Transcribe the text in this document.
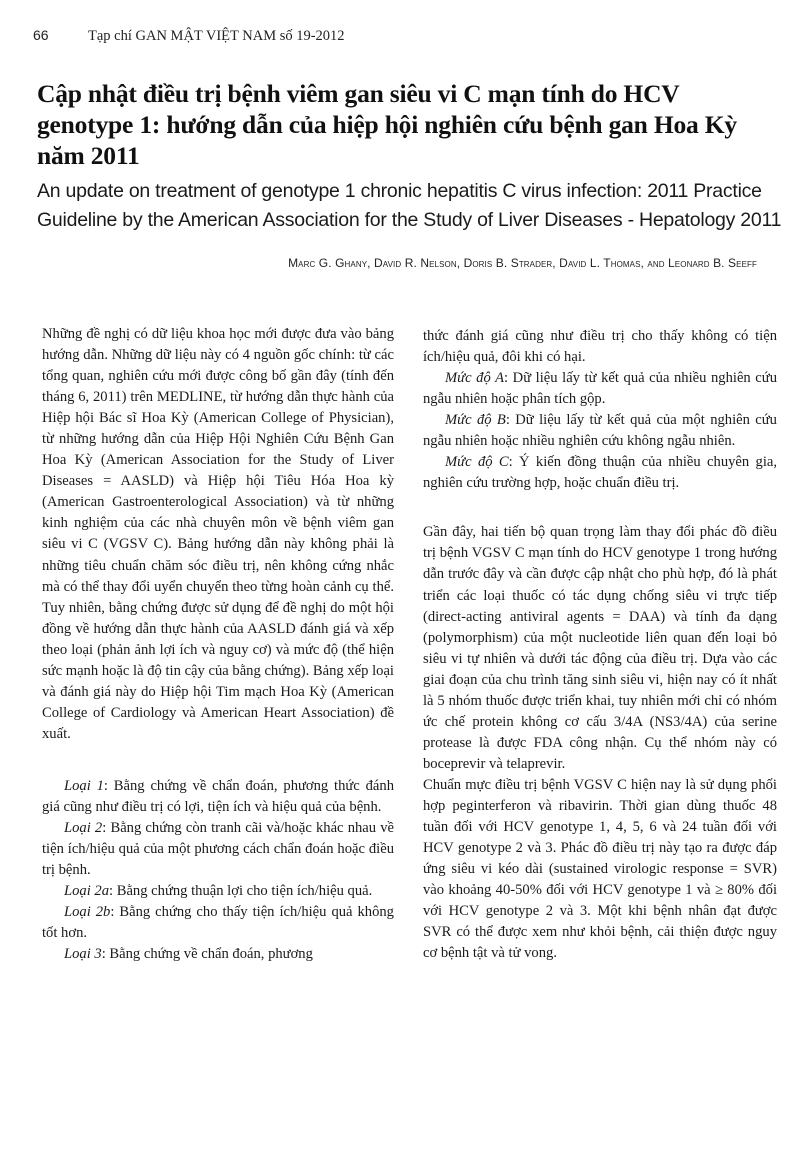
66	Tạp chí GAN MẬT VIỆT NAM số 19-2012
Cập nhật điều trị bệnh viêm gan siêu vi C mạn tính do HCV genotype 1: hướng dẫn của hiệp hội nghiên cứu bệnh gan Hoa Kỳ năm 2011
An update on treatment of genotype 1 chronic hepatitis C virus infection: 2011 Practice Guideline by the American Association for the Study of Liver Diseases - Hepatology 2011
Marc G. Ghany, David R. Nelson, Doris B. Strader, David L. Thomas, and Leonard B. Seeff

Những đề nghị có dữ liệu khoa học mới được đưa vào bảng hướng dẫn. Những dữ liệu này có 4 nguồn gốc chính: từ các tổng quan, nghiên cứu mới được công bố gần đây (tính đến tháng 6, 2011) trên MEDLINE, từ hướng dẫn thực hành của Hiệp hội Bác sĩ Hoa Kỳ (American College of Physician), từ những hướng dẫn của Hiệp Hội Nghiên Cứu Bệnh Gan Hoa Kỳ (American Association for the Study of Liver Diseases = AASLD) và Hiệp hội Tiêu Hóa Hoa kỳ (American Gastroenterological Association) và từ những kinh nghiệm của các nhà chuyên môn về bệnh viêm gan siêu vi C (VGSV C). Bảng hướng dẫn này không phải là những tiêu chuẩn chăm sóc điều trị, nên không cứng nhắc mà có thể thay đổi uyển chuyển theo từng hoàn cảnh cụ thể. Tuy nhiên, bằng chứng được sử dụng để đề nghị do một hội đồng về hướng dẫn thực hành của AASLD đánh giá và xếp theo loại (phản ảnh lợi ích và nguy cơ) và mức độ (thể hiện sức mạnh hoặc là độ tin cậy của bằng chứng). Bảng xếp loại và đánh giá này do Hiệp hội Tim mạch Hoa Kỳ (American College of Cardiology và American Heart Association) đề xuất.

Loại 1: Bằng chứng về chẩn đoán, phương thức đánh giá cũng như điều trị có lợi, tiện ích và hiệu quả của bệnh.

Loại 2: Bằng chứng còn tranh cãi và/hoặc khác nhau về tiện ích/hiệu quả của một phương cách chẩn đoán hoặc điều trị bệnh.

Loại 2a: Bằng chứng thuận lợi cho tiện ích/hiệu quả.

Loại 2b: Bằng chứng cho thấy tiện ích/hiệu quả không tốt hơn.

Loại 3: Bằng chứng về chẩn đoán, phương

thức đánh giá cũng như điều trị cho thấy không có tiện ích/hiệu quả, đôi khi có hại.

Mức độ A: Dữ liệu lấy từ kết quả của nhiều nghiên cứu ngẫu nhiên hoặc phân tích gộp.

Mức độ B: Dữ liệu lấy từ kết quả của một nghiên cứu ngẫu nhiên hoặc nhiều nghiên cứu không ngẫu nhiên.

Mức độ C: Ý kiến đồng thuận của nhiều chuyên gia, nghiên cứu trường hợp, hoặc chuẩn điều trị.

Gần đây, hai tiến bộ quan trọng làm thay đổi phác đồ điều trị bệnh VGSV C mạn tính do HCV genotype 1 trong hướng dẫn trước đây và cần được cập nhật cho phù hợp, đó là phát triển các loại thuốc có tác dụng chống siêu vi trực tiếp (direct-acting antiviral agents = DAA) và tính đa dạng (polymorphism) của một nucleotide liên quan đến loại bỏ siêu vi tự nhiên và dưới tác động của điều trị. Dựa vào các giai đoạn của chu trình tăng sinh siêu vi, hiện nay có ít nhất là 5 nhóm thuốc được triển khai, tuy nhiên mới chỉ có nhóm ức chế protein không cơ cấu 3/4A (NS3/4A) của serine protease là được FDA công nhận. Cụ thể nhóm này có boceprevir và telaprevir.

Chuẩn mực điều trị bệnh VGSV C hiện nay là sử dụng phối hợp peginterferon và ribavirin. Thời gian dùng thuốc 48 tuần đối với HCV genotype 1, 4, 5, 6 và 24 tuần đối với HCV genotype 2 và 3. Phác đồ điều trị này tạo ra được đáp ứng siêu vi kéo dài (sustained virologic response = SVR) vào khoảng 40-50% đối với HCV genotype 1 và ≥ 80% đối với HCV genotype 2 và 3. Một khi bệnh nhân đạt được SVR có thể được xem như khỏi bệnh, cải thiện được nguy cơ bệnh tật và tử vong.
